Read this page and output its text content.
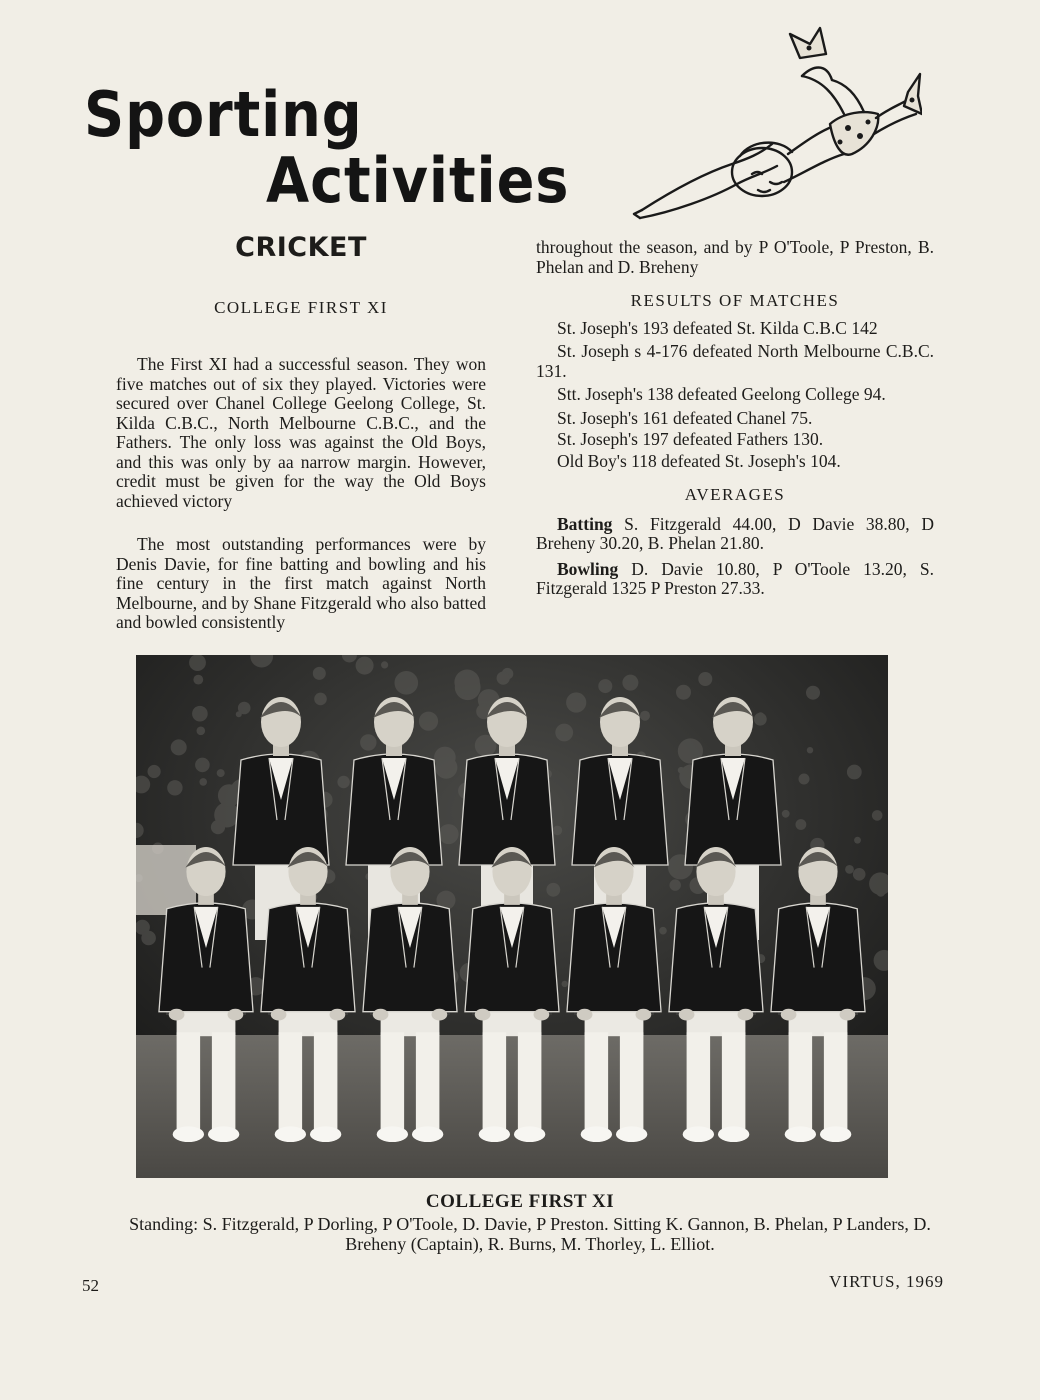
Sporting
Activities

CRICKET

COLLEGE FIRST XI

The First XI had a successful season. They won five matches out of six they played. Victories were secured over Chanel College Geelong College, St. Kilda C.B.C., North Melbourne C.B.C., and the Fathers. The only loss was against the Old Boys, and this was only by aa narrow margin. However, credit must be given for the way the Old Boys achieved victory

The most outstanding performances were by Denis Davie, for fine batting and bowling and his fine century in the first match against North Melbourne, and by Shane Fitzgerald who also batted and bowled consistently

throughout the season, and by P O'Toole, P Preston, B. Phelan and D. Breheny

RESULTS OF MATCHES

St. Joseph's 193 defeated St. Kilda C.B.C 142

St. Joseph s 4-176 defeated North Melbourne C.B.C. 131.

Stt. Joseph's 138 defeated Geelong College 94.

St. Joseph's 161 defeated Chanel 75.

St. Joseph's 197 defeated Fathers 130.

Old Boy's 118 defeated St. Joseph's 104.

AVERAGES

Batting S. Fitzgerald 44.00, D Davie 38.80, D Breheny 30.20, B. Phelan 21.80.

Bowling D. Davie 10.80, P O'Toole 13.20, S. Fitzgerald 1325 P Preston 27.33.

COLLEGE FIRST XI
Standing: S. Fitzgerald, P Dorling, P O'Toole, D. Davie, P Preston. Sitting K. Gannon, B. Phelan, P Landers, D. Breheny (Captain), R. Burns, M. Thorley, L. Elliot.
52	VIRTUS, 1969
